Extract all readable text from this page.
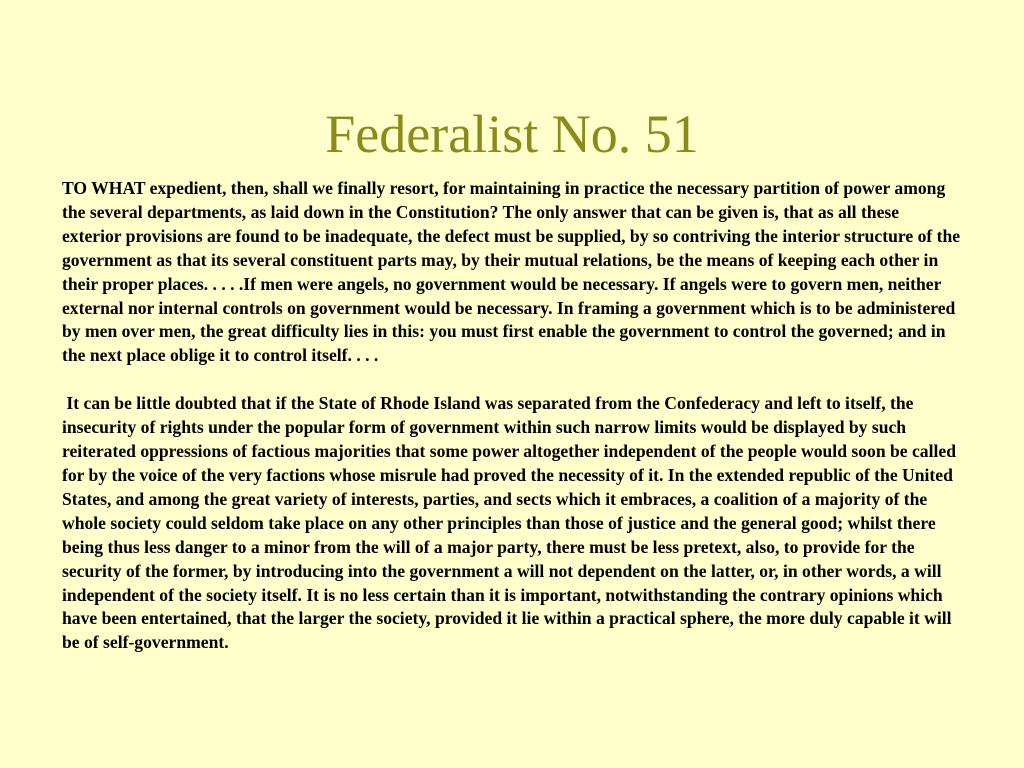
Federalist No. 51

TO WHAT expedient, then, shall we finally resort, for maintaining in practice the necessary partition of power among the several departments, as laid down in the Constitution? The only answer that can be given is, that as all these exterior provisions are found to be inadequate, the defect must be supplied, by so contriving the interior structure of the government as that its several constituent parts may, by their mutual relations, be the means of keeping each other in their proper places. . . . .If men were angels, no government would be necessary. If angels were to govern men, neither external nor internal controls on government would be necessary. In framing a government which is to be administered by men over men, the great difficulty lies in this: you must first enable the government to control the governed; and in the next place oblige it to control itself. . . .

It can be little doubted that if the State of Rhode Island was separated from the Confederacy and left to itself, the insecurity of rights under the popular form of government within such narrow limits would be displayed by such reiterated oppressions of factious majorities that some power altogether independent of the people would soon be called for by the voice of the very factions whose misrule had proved the necessity of it. In the extended republic of the United States, and among the great variety of interests, parties, and sects which it embraces, a coalition of a majority of the whole society could seldom take place on any other principles than those of justice and the general good; whilst there being thus less danger to a minor from the will of a major party, there must be less pretext, also, to provide for the security of the former, by introducing into the government a will not dependent on the latter, or, in other words, a will independent of the society itself. It is no less certain than it is important, notwithstanding the contrary opinions which have been entertained, that the larger the society, provided it lie within a practical sphere, the more duly capable it will be of self-government.
